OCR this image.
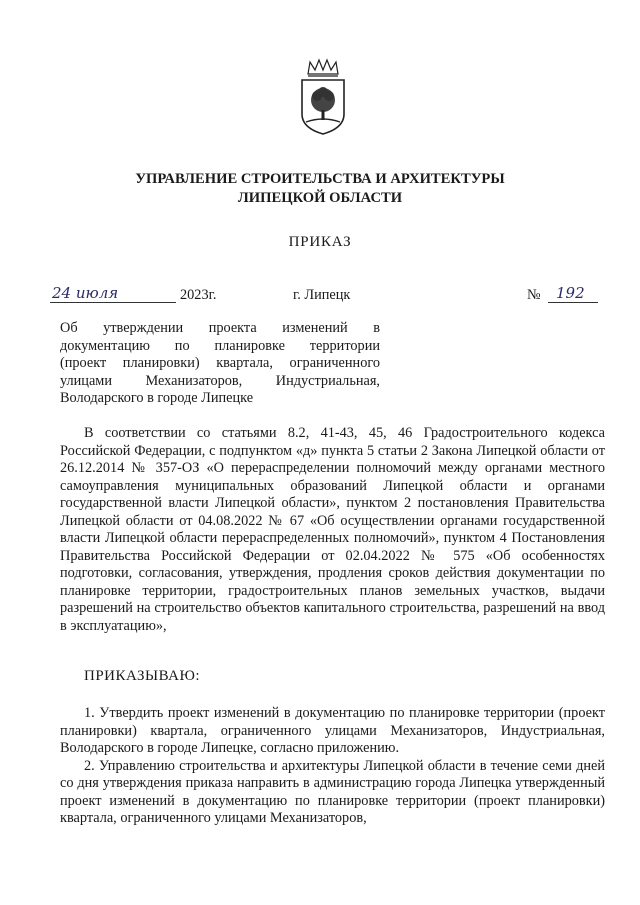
УПРАВЛЕНИЕ СТРОИТЕЛЬСТВА И АРХИТЕКТУРЫ
ЛИПЕЦКОЙ ОБЛАСТИ
ПРИКАЗ
24 июля	2023г.	г. Липецк	№ 192
Об утверждении проекта изменений в
документацию по планировке территории
(проект планировки) квартала, ограниченного
улицами Механизаторов, Индустриальная,
Володарского в городе Липецке

В соответствии со статьями 8.2, 41-43, 45, 46 Градостроительного кодекса Российской Федерации, с подпунктом «д» пункта 5 статьи 2 Закона Липецкой области от 26.12.2014 № 357-ОЗ «О перераспределении полномочий между органами местного самоуправления муниципальных образований Липецкой области и органами государственной власти Липецкой области», пунктом 2 постановления Правительства Липецкой области от 04.08.2022 № 67 «Об осуществлении органами государственной власти Липецкой области перераспределенных полномочий», пунктом 4 Постановления Правительства Российской Федерации от 02.04.2022 № 575 «Об особенностях подготовки, согласования, утверждения, продления сроков действия документации по планировке территории, градостроительных планов земельных участков, выдачи разрешений на строительство объектов капитального строительства, разрешений на ввод в эксплуатацию»,

ПРИКАЗЫВАЮ:

1. Утвердить проект изменений в документацию по планировке территории (проект планировки) квартала, ограниченного улицами Механизаторов, Индустриальная, Володарского в городе Липецке, согласно приложению.

2. Управлению строительства и архитектуры Липецкой области в течение семи дней со дня утверждения приказа направить в администрацию города Липецка утвержденный проект изменений в документацию по планировке территории (проект планировки) квартала, ограниченного улицами Механизаторов,
